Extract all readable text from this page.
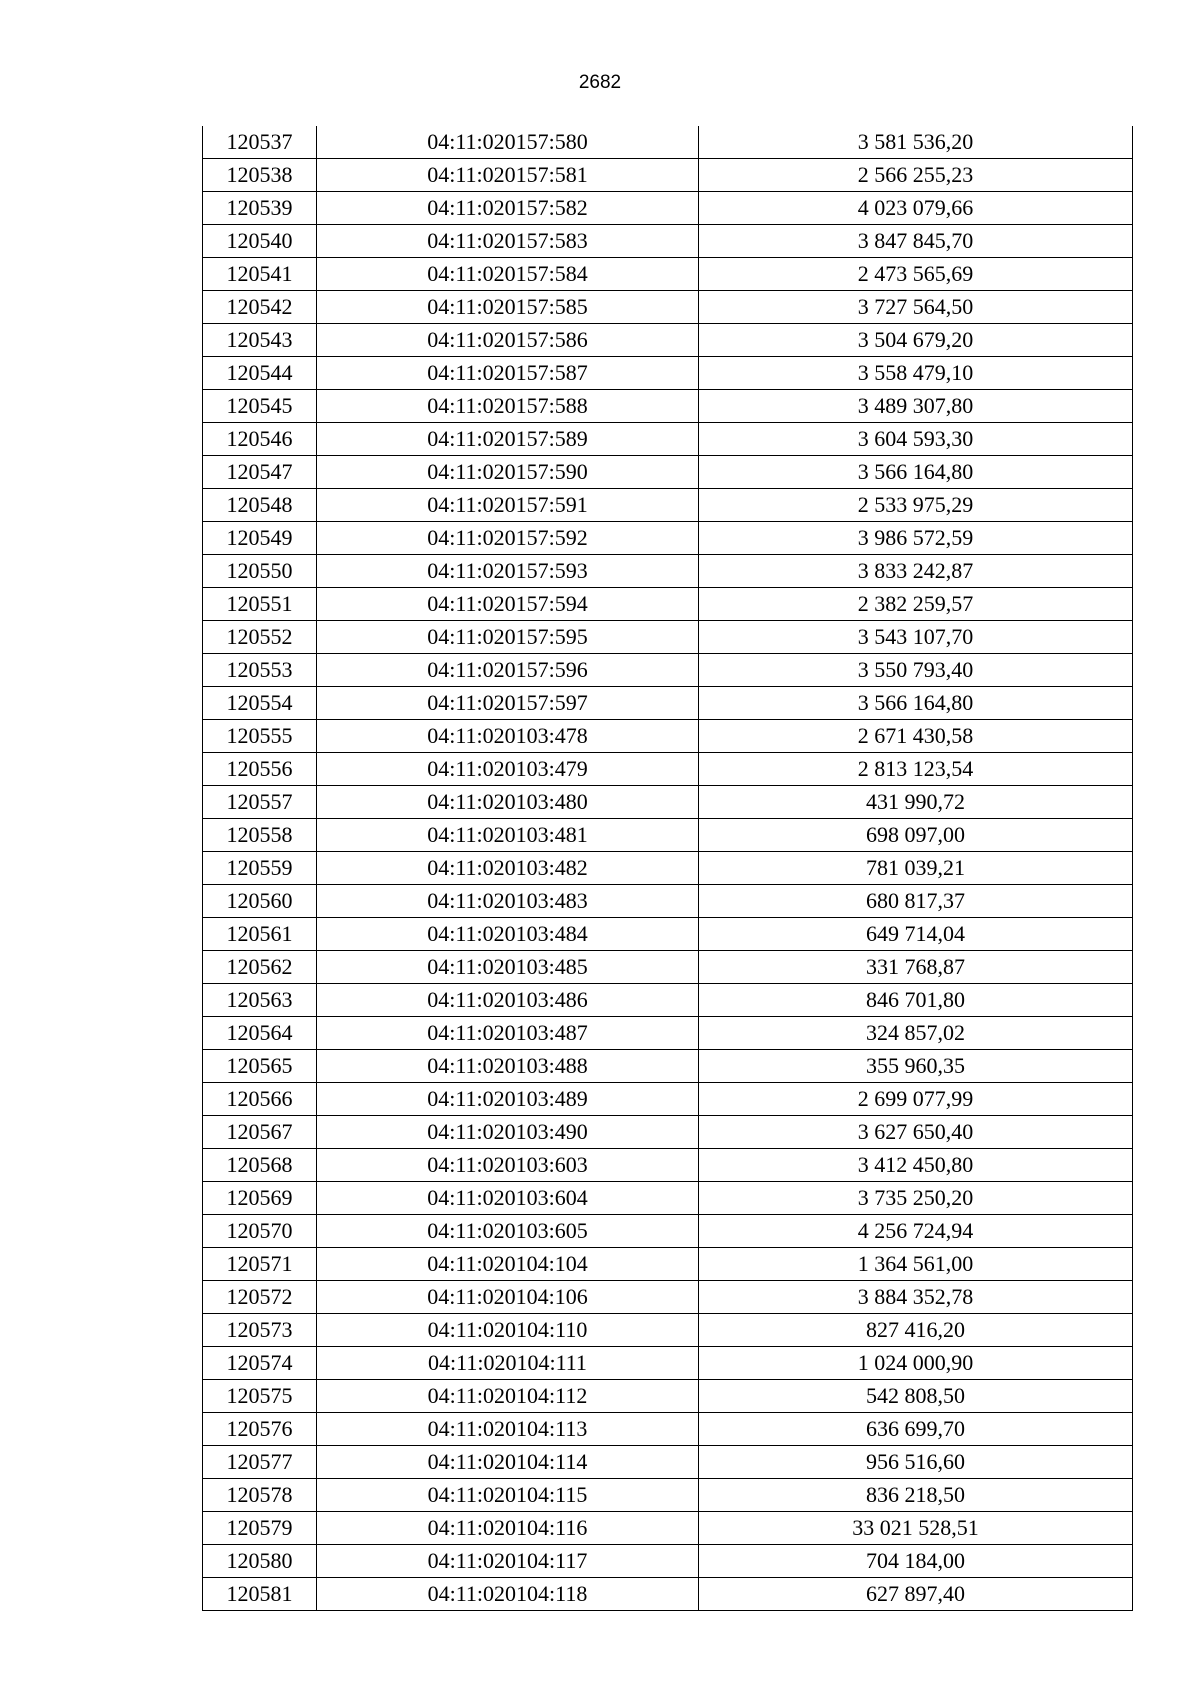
2682
120537	04:11:020157:580	3 581 536,20
120538	04:11:020157:581	2 566 255,23
120539	04:11:020157:582	4 023 079,66
120540	04:11:020157:583	3 847 845,70
120541	04:11:020157:584	2 473 565,69
120542	04:11:020157:585	3 727 564,50
120543	04:11:020157:586	3 504 679,20
120544	04:11:020157:587	3 558 479,10
120545	04:11:020157:588	3 489 307,80
120546	04:11:020157:589	3 604 593,30
120547	04:11:020157:590	3 566 164,80
120548	04:11:020157:591	2 533 975,29
120549	04:11:020157:592	3 986 572,59
120550	04:11:020157:593	3 833 242,87
120551	04:11:020157:594	2 382 259,57
120552	04:11:020157:595	3 543 107,70
120553	04:11:020157:596	3 550 793,40
120554	04:11:020157:597	3 566 164,80
120555	04:11:020103:478	2 671 430,58
120556	04:11:020103:479	2 813 123,54
120557	04:11:020103:480	431 990,72
120558	04:11:020103:481	698 097,00
120559	04:11:020103:482	781 039,21
120560	04:11:020103:483	680 817,37
120561	04:11:020103:484	649 714,04
120562	04:11:020103:485	331 768,87
120563	04:11:020103:486	846 701,80
120564	04:11:020103:487	324 857,02
120565	04:11:020103:488	355 960,35
120566	04:11:020103:489	2 699 077,99
120567	04:11:020103:490	3 627 650,40
120568	04:11:020103:603	3 412 450,80
120569	04:11:020103:604	3 735 250,20
120570	04:11:020103:605	4 256 724,94
120571	04:11:020104:104	1 364 561,00
120572	04:11:020104:106	3 884 352,78
120573	04:11:020104:110	827 416,20
120574	04:11:020104:111	1 024 000,90
120575	04:11:020104:112	542 808,50
120576	04:11:020104:113	636 699,70
120577	04:11:020104:114	956 516,60
120578	04:11:020104:115	836 218,50
120579	04:11:020104:116	33 021 528,51
120580	04:11:020104:117	704 184,00
120581	04:11:020104:118	627 897,40
